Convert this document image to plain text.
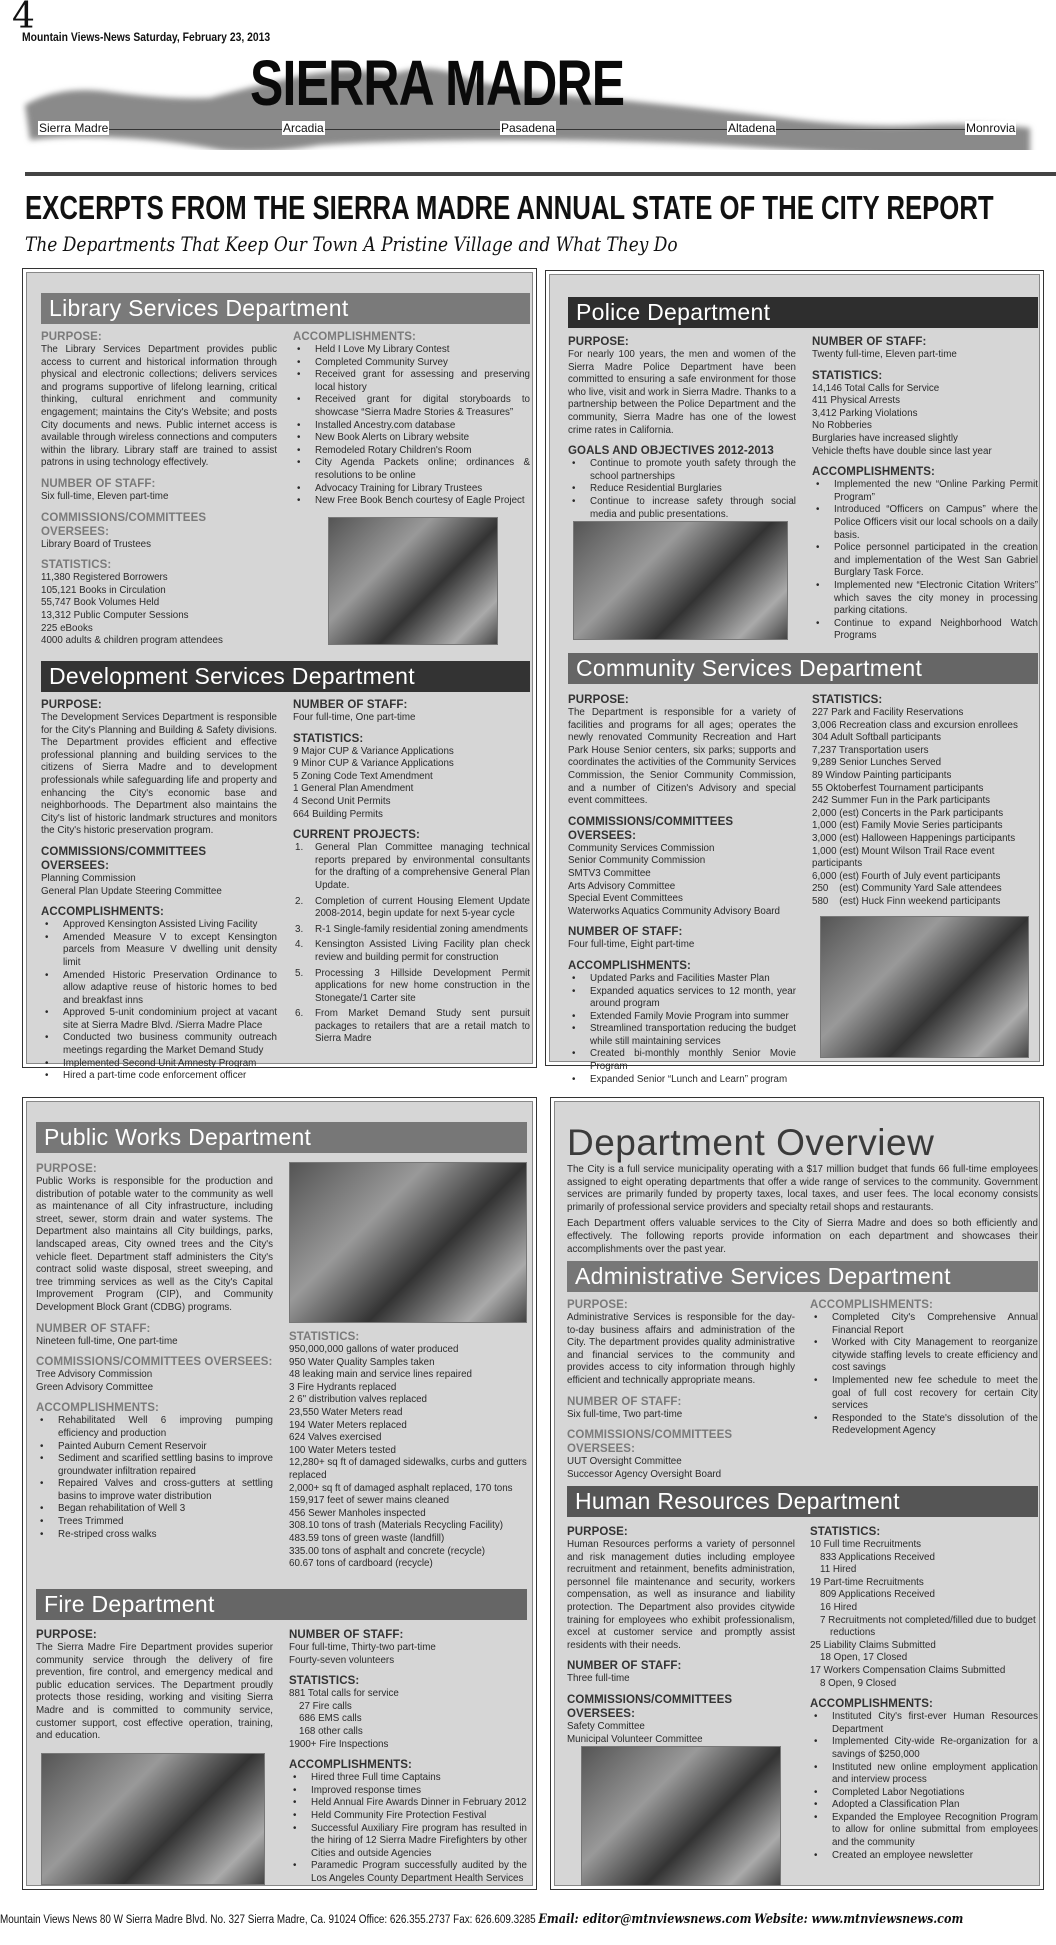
4
Mountain Views-News Saturday, February 23, 2013
SIERRA MADRE
Sierra Madre	Arcadia	Pasadena	Altadena	Monrovia
EXCERPTS FROM THE SIERRA MADRE ANNUAL STATE OF THE CITY REPORT
The Departments That Keep Our Town A Pristine Village and What They Do
Library Services Department
PURPOSE:

The Library Services Department provides public access to current and historical information through physical and electronic collections; delivers services and programs supportive of lifelong learning, critical thinking, cultural enrichment and community engagement; maintains the City's Website; and posts City documents and news. Public internet access is available through wireless connections and computers within the library. Library staff are trained to assist patrons in using technology effectively.

NUMBER OF STAFF:
Six full-time, Eleven part-time
COMMISSIONS/COMMITTEES OVERSEES:
Library Board of Trustees
STATISTICS:
11,380 Registered Borrowers
105,121 Books in Circulation
55,747 Book Volumes Held
13,312 Public Computer Sessions
225 eBooks
4000 adults & children program attendees
ACCOMPLISHMENTS:
• Held I Love My Library Contest
• Completed Community Survey
• Received grant for assessing and preserving local history
• Received grant for digital storyboards to showcase “Sierra Madre Stories & Treasures”
• Installed Ancestry.com database
• New Book Alerts on Library website
• Remodeled Rotary Children's Room
• City Agenda Packets online; ordinances & resolutions to be online
• Advocacy Training for Library Trustees
• New Free Book Bench courtesy of Eagle Project
Development Services Department
PURPOSE:

The Development Services Department is responsible for the City's Planning and Building & Safety divisions. The Department provides efficient and effective professional planning and building services to the citizens of Sierra Madre and to development professionals while safeguarding life and property and enhancing the City's economic base and neighborhoods. The Department also maintains the City's list of historic landmark structures and monitors the City's historic preservation program.

COMMISSIONS/COMMITTEES OVERSEES:
Planning Commission
General Plan Update Steering Committee
ACCOMPLISHMENTS:
• Approved Kensington Assisted Living Facility
• Amended Measure V to except Kensington parcels from Measure V dwelling unit density limit
• Amended Historic Preservation Ordinance to allow adaptive reuse of historic homes to bed and breakfast inns
• Approved 5-unit condominium project at vacant site at Sierra Madre Blvd. /Sierra Madre Place
• Conducted two business community outreach meetings regarding the Market Demand Study
• Implemented Second Unit Amnesty Program
• Hired a part-time code enforcement officer
NUMBER OF STAFF:
Four full-time, One part-time
STATISTICS:
9 Major CUP & Variance Applications
9 Minor CUP & Variance Applications
5 Zoning Code Text Amendment
1 General Plan Amendment
4 Second Unit Permits
664 Building Permits
CURRENT PROJECTS:
1. General Plan Committee managing technical reports prepared by environmental consultants for the drafting of a comprehensive General Plan Update.
2. Completion of current Housing Element Update 2008-2014, begin update for next 5-year cycle
3. R-1 Single-family residential zoning amendments
4. Kensington Assisted Living Facility plan check review and building permit for construction
5. Processing 3 Hillside Development Permit applications for new home construction in the Stonegate/1 Carter site
6. From Market Demand Study sent pursuit packages to retailers that are a retail match to Sierra Madre
Police Department
PURPOSE:

For nearly 100 years, the men and women of the Sierra Madre Police Department have been committed to ensuring a safe environment for those who live, visit and work in Sierra Madre. Thanks to a partnership between the Police Department and the community, Sierra Madre has one of the lowest crime rates in California.

GOALS AND OBJECTIVES 2012-2013
• Continue to promote youth safety through the school partnerships
• Reduce Residential Burglaries
• Continue to increase safety through social media and public presentations.
NUMBER OF STAFF:
Twenty full-time, Eleven part-time
STATISTICS:
14,146 Total Calls for Service
411 Physical Arrests
3,412 Parking Violations
No Robberies
Burglaries have increased slightly
Vehicle thefts have double since last year
ACCOMPLISHMENTS:
• Implemented the new “Online Parking Permit Program”
• Introduced “Officers on Campus” where the Police Officers visit our local schools on a daily basis.
• Police personnel participated in the creation and implementation of the West San Gabriel Burglary Task Force.
• Implemented new “Electronic Citation Writers” which saves the city money in processing parking citations.
• Continue to expand Neighborhood Watch Programs
Community Services Department
PURPOSE:

The Department is responsible for a variety of facilities and programs for all ages; operates the newly renovated Community Recreation and Hart Park House Senior centers, six parks; supports and coordinates the activities of the Community Services Commission, the Senior Community Commission, and a number of Citizen's Advisory and special event committees.

COMMISSIONS/COMMITTEES OVERSEES:
Community Services Commission
Senior Community Commission
SMTV3 Committee
Arts Advisory Committee
Special Event Committees
Waterworks Aquatics Community Advisory Board
NUMBER OF STAFF:
Four full-time, Eight part-time
ACCOMPLISHMENTS:
• Updated Parks and Facilities Master Plan
• Expanded aquatics services to 12 month, year around program
• Extended Family Movie Program into summer
• Streamlined transportation reducing the budget while still maintaining services
• Created bi-monthly monthly Senior Movie Program
• Expanded Senior “Lunch and Learn” program
STATISTICS:
227 Park and Facility Reservations
3,006 Recreation class and excursion enrollees
304 Adult Softball participants
7,237 Transportation users
9,289 Senior Lunches Served
89 Window Painting participants
55 Oktoberfest Tournament participants
242 Summer Fun in the Park participants
2,000 (est) Concerts in the Park participants
1,000 (est) Family Movie Series participants
3,000 (est) Halloween Happenings participants
1,000 (est) Mount Wilson Trail Race event participants
6,000 (est) Fourth of July event participants
250    (est) Community Yard Sale attendees
580    (est) Huck Finn weekend participants
Public Works Department
PURPOSE:

Public Works is responsible for the production and distribution of potable water to the community as well as maintenance of all City infrastructure, including street, sewer, storm drain and water systems. The Department also maintains all City buildings, parks, landscaped areas, City owned trees and the City's vehicle fleet. Department staff administers the City's contract solid waste disposal, street sweeping, and tree trimming services as well as the City's Capital Improvement Program (CIP), and Community Development Block Grant (CDBG) programs.

NUMBER OF STAFF:
Nineteen full-time, One part-time
COMMISSIONS/COMMITTEES OVERSEES:
Tree Advisory Commission
Green Advisory Committee
ACCOMPLISHMENTS:
• Rehabilitated Well 6 improving pumping efficiency and production
• Painted Auburn Cement Reservoir
• Sediment and scarified settling basins to improve groundwater infiltration repaired
• Repaired Valves and cross-gutters at settling basins to improve water distribution
• Began rehabilitation of Well 3
• Trees Trimmed
• Re-striped cross walks
STATISTICS:
950,000,000 gallons of water produced
950 Water Quality Samples taken
48 leaking main and service lines repaired
3 Fire Hydrants replaced
2 6" distribution valves replaced
23,550 Water Meters read
194 Water Meters replaced
624 Valves exercised
100 Water Meters tested
12,280+ sq ft of damaged sidewalks, curbs and gutters replaced
2,000+ sq ft of damaged asphalt replaced, 170 tons
159,917 feet of sewer mains cleaned
456 Sewer Manholes inspected
308.10 tons of trash (Materials Recycling Facility)
483.59 tons of green waste (landfill)
335.00 tons of asphalt and concrete (recycle)
60.67 tons of cardboard (recycle)
Fire Department
PURPOSE:

The Sierra Madre Fire Department provides superior community service through the delivery of fire prevention, fire control, and emergency medical and public education services. The Department proudly protects those residing, working and visiting Sierra Madre and is committed to community service, customer support, cost effective operation, training, and education.

NUMBER OF STAFF:
Four full-time, Thirty-two part-time
Fourty-seven volunteers
STATISTICS:
881 Total calls for service
27 Fire calls
686 EMS calls
168 other calls
1900+ Fire Inspections
ACCOMPLISHMENTS:
• Hired three Full time Captains
• Improved response times
• Held Annual Fire Awards Dinner in February 2012
• Held Community Fire Protection Festival
• Successful Auxiliary Fire program has resulted in the hiring of 12 Sierra Madre Firefighters by other Cities and outside Agencies
• Paramedic Program successfully audited by the Los Angeles County Department Health Services
Department Overview

The City is a full service municipality operating with a $17 million budget that funds 66 full-time employees assigned to eight operating departments that offer a wide range of services to the community. Government services are primarily funded by property taxes, local taxes, and user fees. The local economy consists primarily of professional service providers and specialty retail shops and restaurants.

Each Department offers valuable services to the City of Sierra Madre and does so both efficiently and effectively. The following reports provide information on each department and showcases their accomplishments over the past year.

Administrative Services Department
PURPOSE:

Administrative Services is responsible for the day-to-day business affairs and administration of the City. The department provides quality administrative and financial services to the community and provides access to city information through highly efficient and technically appropriate means.

NUMBER OF STAFF:
Six full-time, Two part-time
COMMISSIONS/COMMITTEES OVERSEES:
UUT Oversight Committee
Successor Agency Oversight Board
ACCOMPLISHMENTS:
• Completed City's Comprehensive Annual Financial Report
• Worked with City Management to reorganize citywide staffing levels to create efficiency and cost savings
• Implemented new fee schedule to meet the goal of full cost recovery for certain City services
• Responded to the State's dissolution of the Redevelopment Agency
Human Resources Department
PURPOSE:

Human Resources performs a variety of personnel and risk management duties including employee recruitment and retainment, benefits administration, personnel file maintenance and security, workers compensation, as well as insurance and liability protection. The Department also provides citywide training for employees who exhibit professionalism, excel at customer service and promptly assist residents with their needs.

NUMBER OF STAFF:
Three full-time
COMMISSIONS/COMMITTEES OVERSEES:
Safety Committee
Municipal Volunteer Committee
STATISTICS:
10 Full time Recruitments
833 Applications Received
11 Hired
19 Part-time Recruitments
809 Applications Received
16 Hired
7 Recruitments not completed/filled due to budget reductions
25 Liability Claims Submitted
18 Open, 17 Closed
17 Workers Compensation Claims Submitted
8 Open, 9 Closed
ACCOMPLISHMENTS:
• Instituted City's first-ever Human Resources Department
• Implemented City-wide Re-organization for a savings of $250,000
• Instituted new online employment application and interview process
• Completed Labor Negotiations
• Adopted a Classification Plan
• Expanded the Employee Recognition Program to allow for online submittal from employees and the community
• Created an employee newsletter
Mountain Views News 80 W Sierra Madre Blvd. No. 327 Sierra Madre, Ca. 91024 Office: 626.355.2737 Fax: 626.609.3285 Email: editor@mtnviewsnews.com Website: www.mtnviewsnews.com
